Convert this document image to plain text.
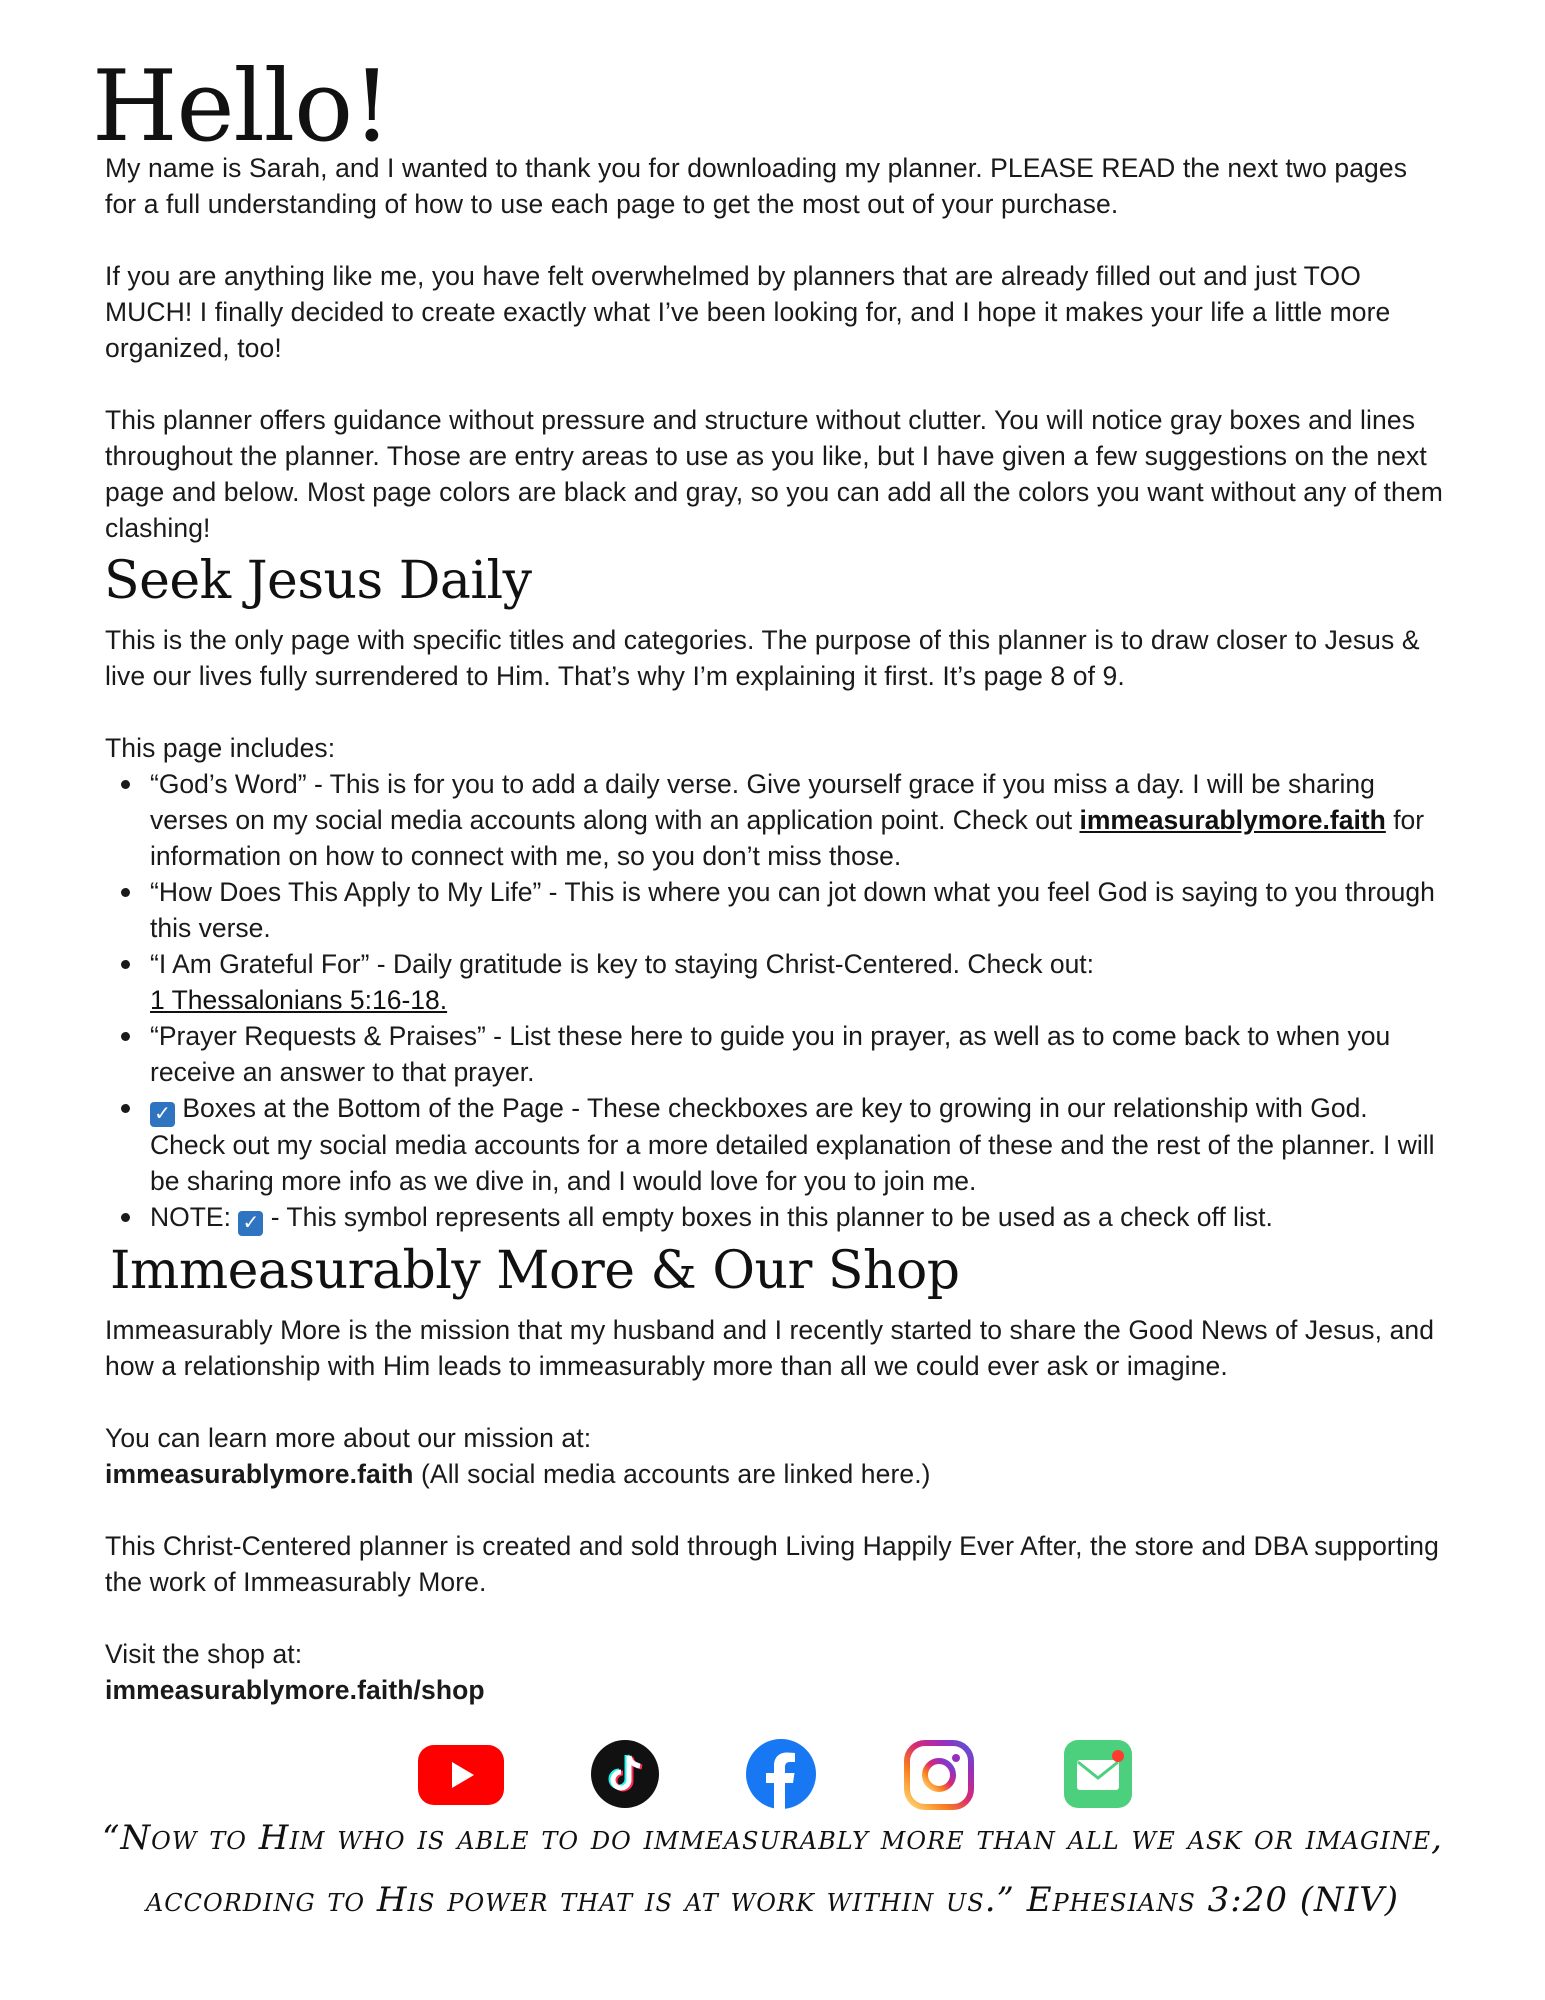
Hello!

My name is Sarah, and I wanted to thank you for downloading my planner. PLEASE READ the next two pages for a full understanding of how to use each page to get the most out of your purchase.

If you are anything like me, you have felt overwhelmed by planners that are already filled out and just TOO MUCH! I finally decided to create exactly what I’ve been looking for, and I hope it makes your life a little more organized, too!

This planner offers guidance without pressure and structure without clutter. You will notice gray boxes and lines throughout the planner. Those are entry areas to use as you like, but I have given a few suggestions on the next page and below. Most page colors are black and gray, so you can add all the colors you want without any of them clashing!

Seek Jesus Daily

This is the only page with specific titles and categories. The purpose of this planner is to draw closer to Jesus & live our lives fully surrendered to Him. That’s why I’m explaining it first. It’s page 8 of 9.

This page includes:

“God’s Word” - This is for you to add a daily verse. Give yourself grace if you miss a day. I will be sharing verses on my social media accounts along with an application point. Check out immeasurablymore.faith for information on how to connect with me, so you don’t miss those.
“How Does This Apply to My Life” - This is where you can jot down what you feel God is saying to you through this verse.
“I Am Grateful For” - Daily gratitude is key to staying Christ-Centered. Check out:
1 Thessalonians 5:16-18.
“Prayer Requests & Praises” - List these here to guide you in prayer, as well as to come back to when you receive an answer to that prayer.
✓ Boxes at the Bottom of the Page - These checkboxes are key to growing in our relationship with God. Check out my social media accounts for a more detailed explanation of these and the rest of the planner. I will be sharing more info as we dive in, and I would love for you to join me.
NOTE: ✓ - This symbol represents all empty boxes in this planner to be used as a check off list.
Immeasurably More & Our Shop

Immeasurably More is the mission that my husband and I recently started to share the Good News of Jesus, and how a relationship with Him leads to immeasurably more than all we could ever ask or imagine.

You can learn more about our mission at:

immeasurablymore.faith (All social media accounts are linked here.)

This Christ-Centered planner is created and sold through Living Happily Ever After, the store and DBA supporting the work of Immeasurably More.

Visit the shop at:

immeasurablymore.faith/shop

“Now to Him who is able to do immeasurably more than all we ask or imagine,
according to His power that is at work within us.” Ephesians 3:20 (NIV)
